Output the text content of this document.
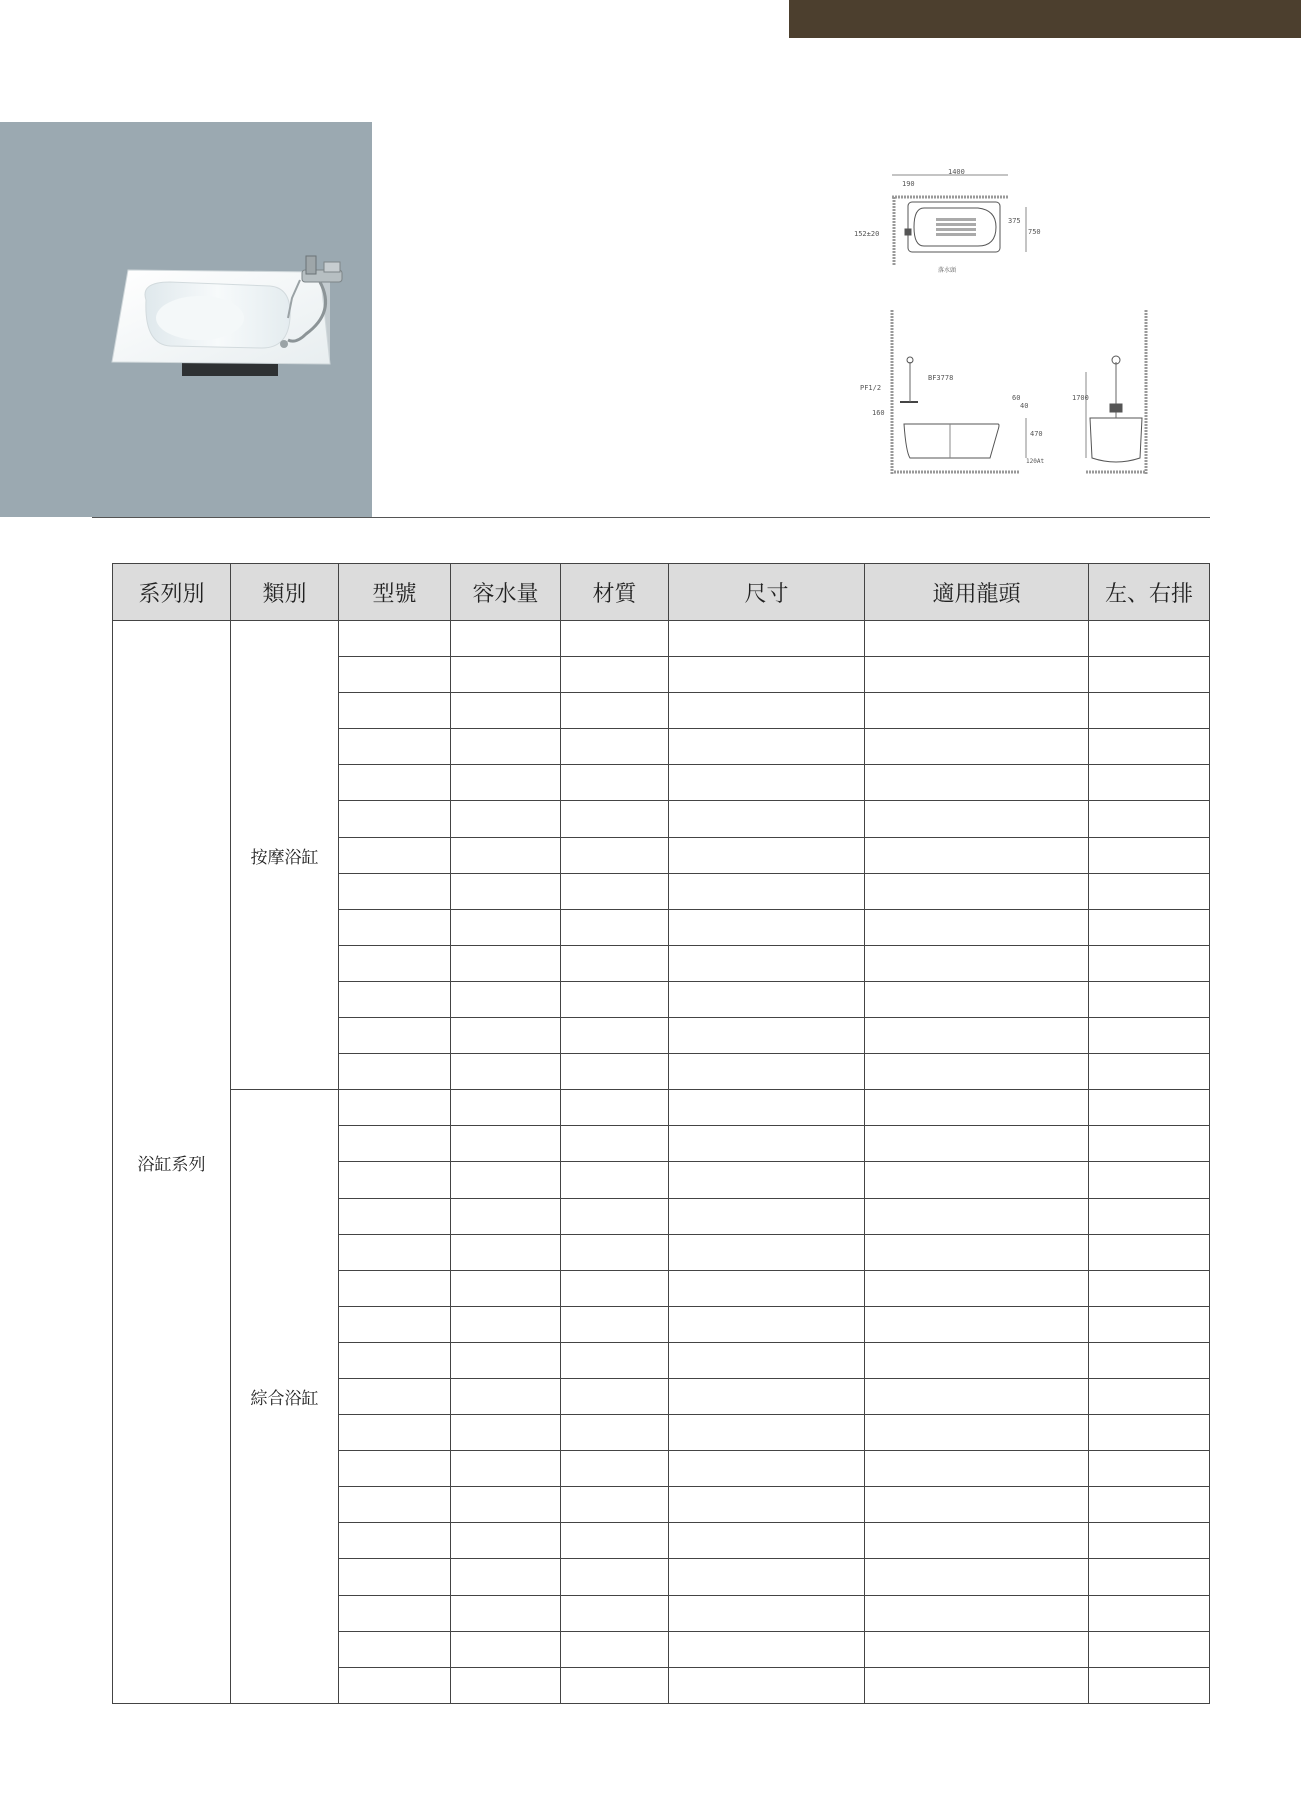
1400
190
152±20
375
750
落水頭
PF1/2
BF3778
160
60
40
470
120At
1700
系列別	類別	型號	容水量	材質	尺寸	適用龍頭	左、右排
浴缸系列	按摩浴缸						

	綜合浴缸						
